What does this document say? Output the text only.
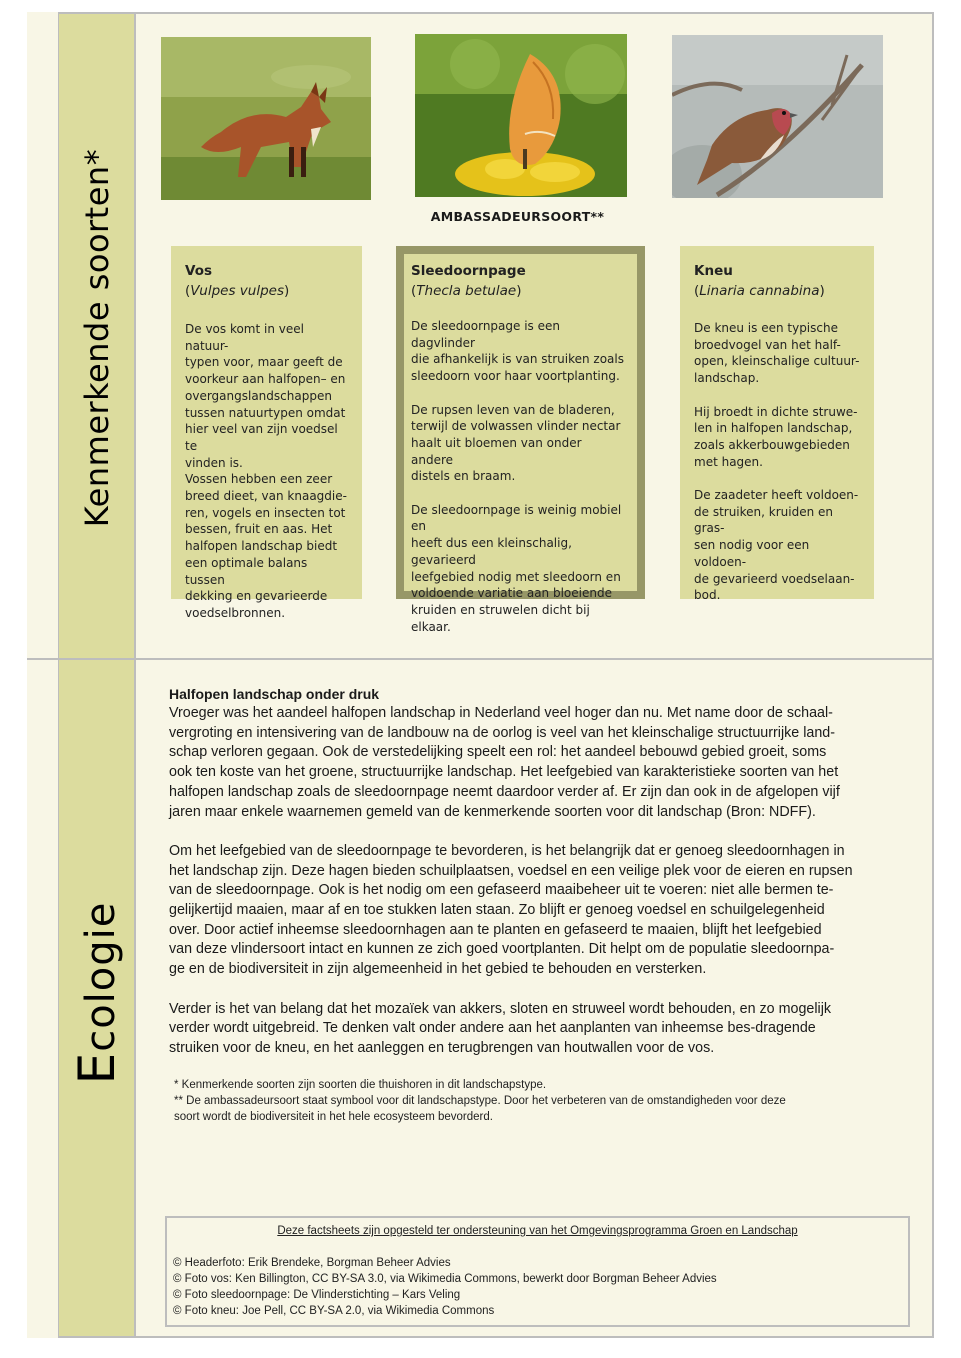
Kenmerkende soorten*
Ecologie
AMBASSADEURSOORT**
Vos
(Vulpes vulpes)
De vos komt in veel natuur-
typen voor, maar geeft de
voorkeur aan halfopen– en
overgangslandschappen
tussen natuurtypen omdat
hier veel van zijn voedsel te
vinden is.
Vossen hebben een zeer
breed dieet, van knaagdie-
ren, vogels en insecten tot
bessen, fruit en aas. Het
halfopen landschap biedt
een optimale balans tussen
dekking en gevarieerde
voedselbronnen.
Sleedoornpage
(Thecla betulae)
De sleedoornpage is een dagvlinder
die afhankelijk is van struiken zoals
sleedoorn voor haar voortplanting.

De rupsen leven van de bladeren,
terwijl de volwassen vlinder nectar
haalt uit bloemen van onder andere
distels en braam.

De sleedoornpage is weinig mobiel en
heeft dus een kleinschalig, gevarieerd
leefgebied nodig met sleedoorn en
voldoende variatie aan bloeiende
kruiden en struwelen dicht bij elkaar.
Kneu
(Linaria cannabina)
De kneu is een typische
broedvogel van het half-
open, kleinschalige cultuur-
landschap.

Hij broedt in dichte struwe-
len in halfopen landschap,
zoals akkerbouwgebieden
met hagen.

De zaadeter heeft voldoen-
de struiken, kruiden en gras-
sen nodig voor een voldoen-
de gevarieerd voedselaan-
bod.
Halfopen landschap onder druk
Vroeger was het aandeel halfopen landschap in Nederland veel hoger dan nu. Met name door de schaal-
vergroting en intensivering van de landbouw na de oorlog is veel van het kleinschalige structuurrijke land-
schap verloren gegaan. Ook de verstedelijking speelt een rol: het aandeel bebouwd gebied groeit, soms
ook ten koste van het groene, structuurrijke landschap. Het leefgebied van karakteristieke soorten van het
halfopen landschap zoals de sleedoornpage neemt daardoor verder af. Er zijn dan ook in de afgelopen vijf
jaren maar enkele waarnemen gemeld van de kenmerkende soorten voor dit landschap (Bron: NDFF).
Om het leefgebied van de sleedoornpage te bevorderen, is het belangrijk dat er genoeg sleedoornhagen in
het landschap zijn. Deze hagen bieden schuilplaatsen, voedsel en een veilige plek voor de eieren en rupsen
van de sleedoornpage. Ook is het nodig om een gefaseerd maaibeheer uit te voeren: niet alle bermen te-
gelijkertijd maaien, maar af en toe stukken laten staan. Zo blijft er genoeg voedsel en schuilgelegenheid
over. Door actief inheemse sleedoornhagen aan te planten en gefaseerd te maaien, blijft het leefgebied
van deze vlindersoort intact en kunnen ze zich goed voortplanten. Dit helpt om de populatie sleedoornpa-
ge en de biodiversiteit in zijn algemeenheid in het gebied te behouden en versterken.
Verder is het van belang dat het mozaïek van akkers, sloten en struweel wordt behouden, en zo mogelijk
verder wordt uitgebreid. Te denken valt onder andere aan het aanplanten van inheemse bes-dragende
struiken voor de kneu, en het aanleggen en terugbrengen van houtwallen voor de vos.
* Kenmerkende soorten zijn soorten die thuishoren in dit landschapstype.
** De ambassadeursoort staat symbool voor dit landschapstype. Door het verbeteren van de omstandigheden voor deze
soort wordt de biodiversiteit in het hele ecosysteem bevorderd.
Deze factsheets zijn opgesteld ter ondersteuning van het Omgevingsprogramma Groen en Landschap
© Headerfoto: Erik Brendeke, Borgman Beheer Advies
© Foto vos: Ken Billington, CC BY-SA 3.0, via Wikimedia Commons, bewerkt door Borgman Beheer Advies
© Foto sleedoornpage: De Vlinderstichting – Kars Veling
© Foto kneu: Joe Pell, CC BY-SA 2.0, via Wikimedia Commons
